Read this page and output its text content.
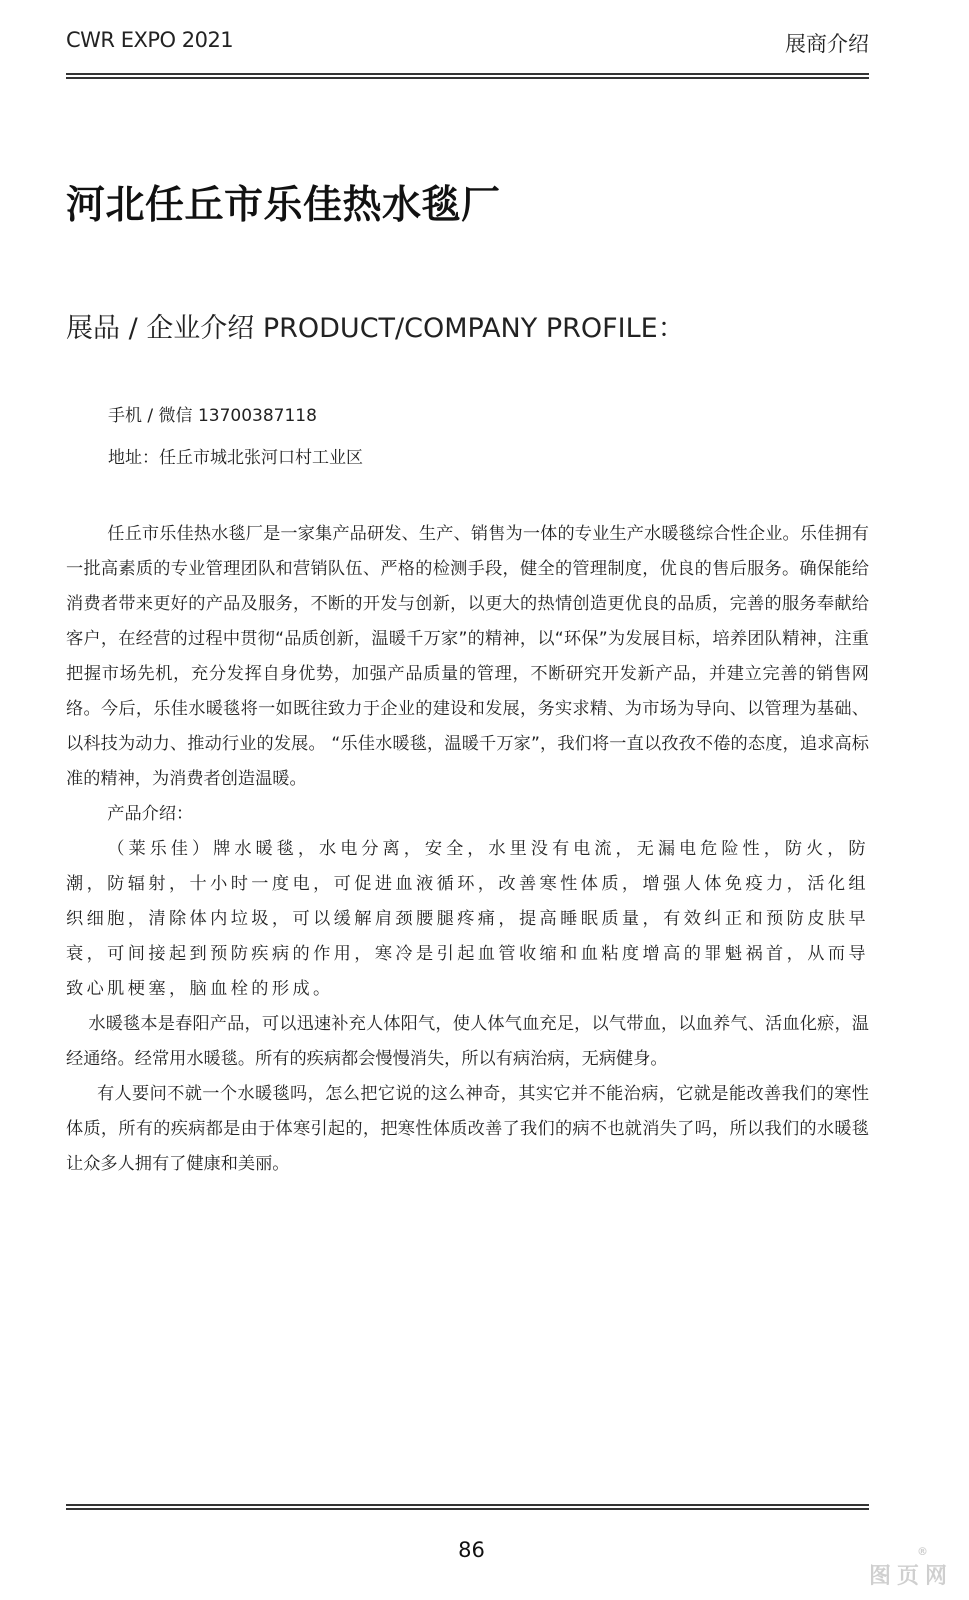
CWR EXPO 2021	展商介绍
河北任丘市乐佳热水毯厂
展品 / 企业介绍 PRODUCT/COMPANY PROFILE：
手机 / 微信 13700387118
地址：任丘市城北张河口村工业区

任丘市乐佳热水毯厂是一家集产品研发、生产、销售为一体的专业生产水暖毯综合性企业。乐佳拥有一批高素质的专业管理团队和营销队伍、严格的检测手段，健全的管理制度，优良的售后服务。确保能给消费者带来更好的产品及服务，不断的开发与创新，以更大的热情创造更优良的品质，完善的服务奉献给客户，在经营的过程中贯彻“品质创新，温暖千万家”的精神，以“环保”为发展目标，培养团队精神，注重把握市场先机，充分发挥自身优势，加强产品质量的管理，不断研究开发新产品，并建立完善的销售网络。今后，乐佳水暖毯将一如既往致力于企业的建设和发展，务实求精、为市场为导向、以管理为基础、以科技为动力、推动行业的发展。 “乐佳水暖毯，温暖千万家”，我们将一直以孜孜不倦的态度，追求高标准的精神，为消费者创造温暖。

产品介绍：

（莱乐佳）牌水暖毯，水电分离，安全，水里没有电流，无漏电危险性，防火，防潮，防辐射，十小时一度电，可促进血液循环，改善寒性体质，增强人体免疫力，活化组织细胞，清除体内垃圾，可以缓解肩颈腰腿疼痛，提高睡眠质量，有效纠正和预防皮肤早衰，可间接起到预防疾病的作用，寒冷是引起血管收缩和血粘度增高的罪魁祸首，从而导致心肌梗塞，脑血栓的形成。

水暖毯本是春阳产品，可以迅速补充人体阳气，使人体气血充足，以气带血，以血养气、活血化瘀，温经通络。经常用水暖毯。所有的疾病都会慢慢消失，所以有病治病，无病健身。

有人要问不就一个水暖毯吗，怎么把它说的这么神奇，其实它并不能治病，它就是能改善我们的寒性体质，所有的疾病都是由于体寒引起的，把寒性体质改善了我们的病不也就消失了吗，所以我们的水暖毯让众多人拥有了健康和美丽。

86
图页网
®
